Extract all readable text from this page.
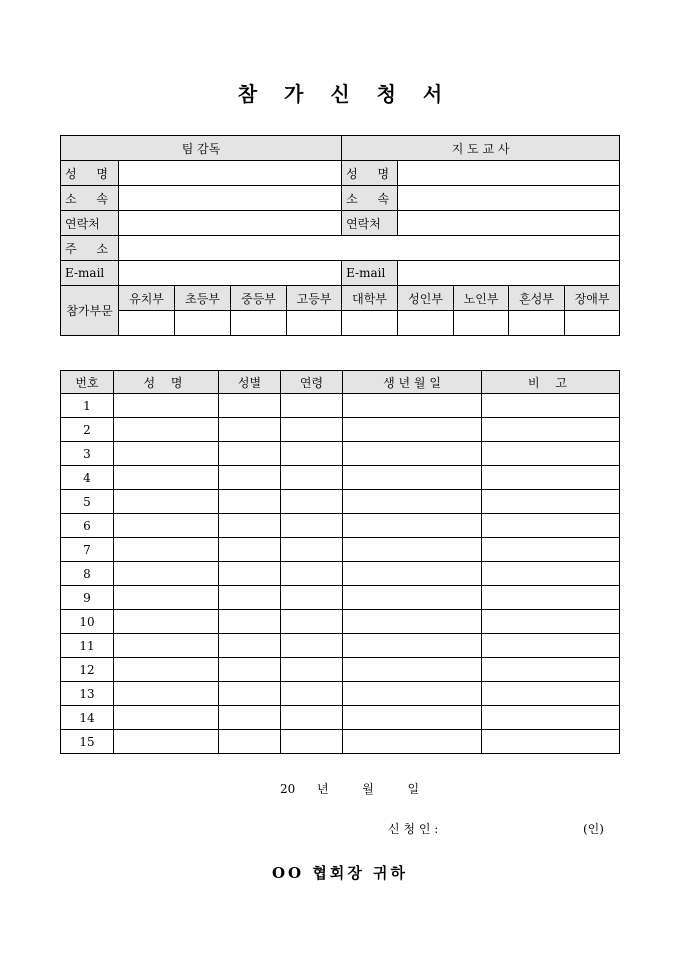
참 가 신 청 서
팀 감독					지 도 교 사				
성 명					성 명				
소 속					소 속				
연락처					연락처				
주 소									
E-mail					E-mail				
참가부문	유치부	초등부	중등부	고등부	대학부	성인부	노인부	혼성부	장애부

번호	성 명	성별	연령	생 년 월 일	비 고
1					
2					
3					
4					
5					
6					
7					
8					
9					
10					
11					
12					
13					
14					
15					
20 년	월	일
신 청 인 :	(인)
OO 협회장 귀하
